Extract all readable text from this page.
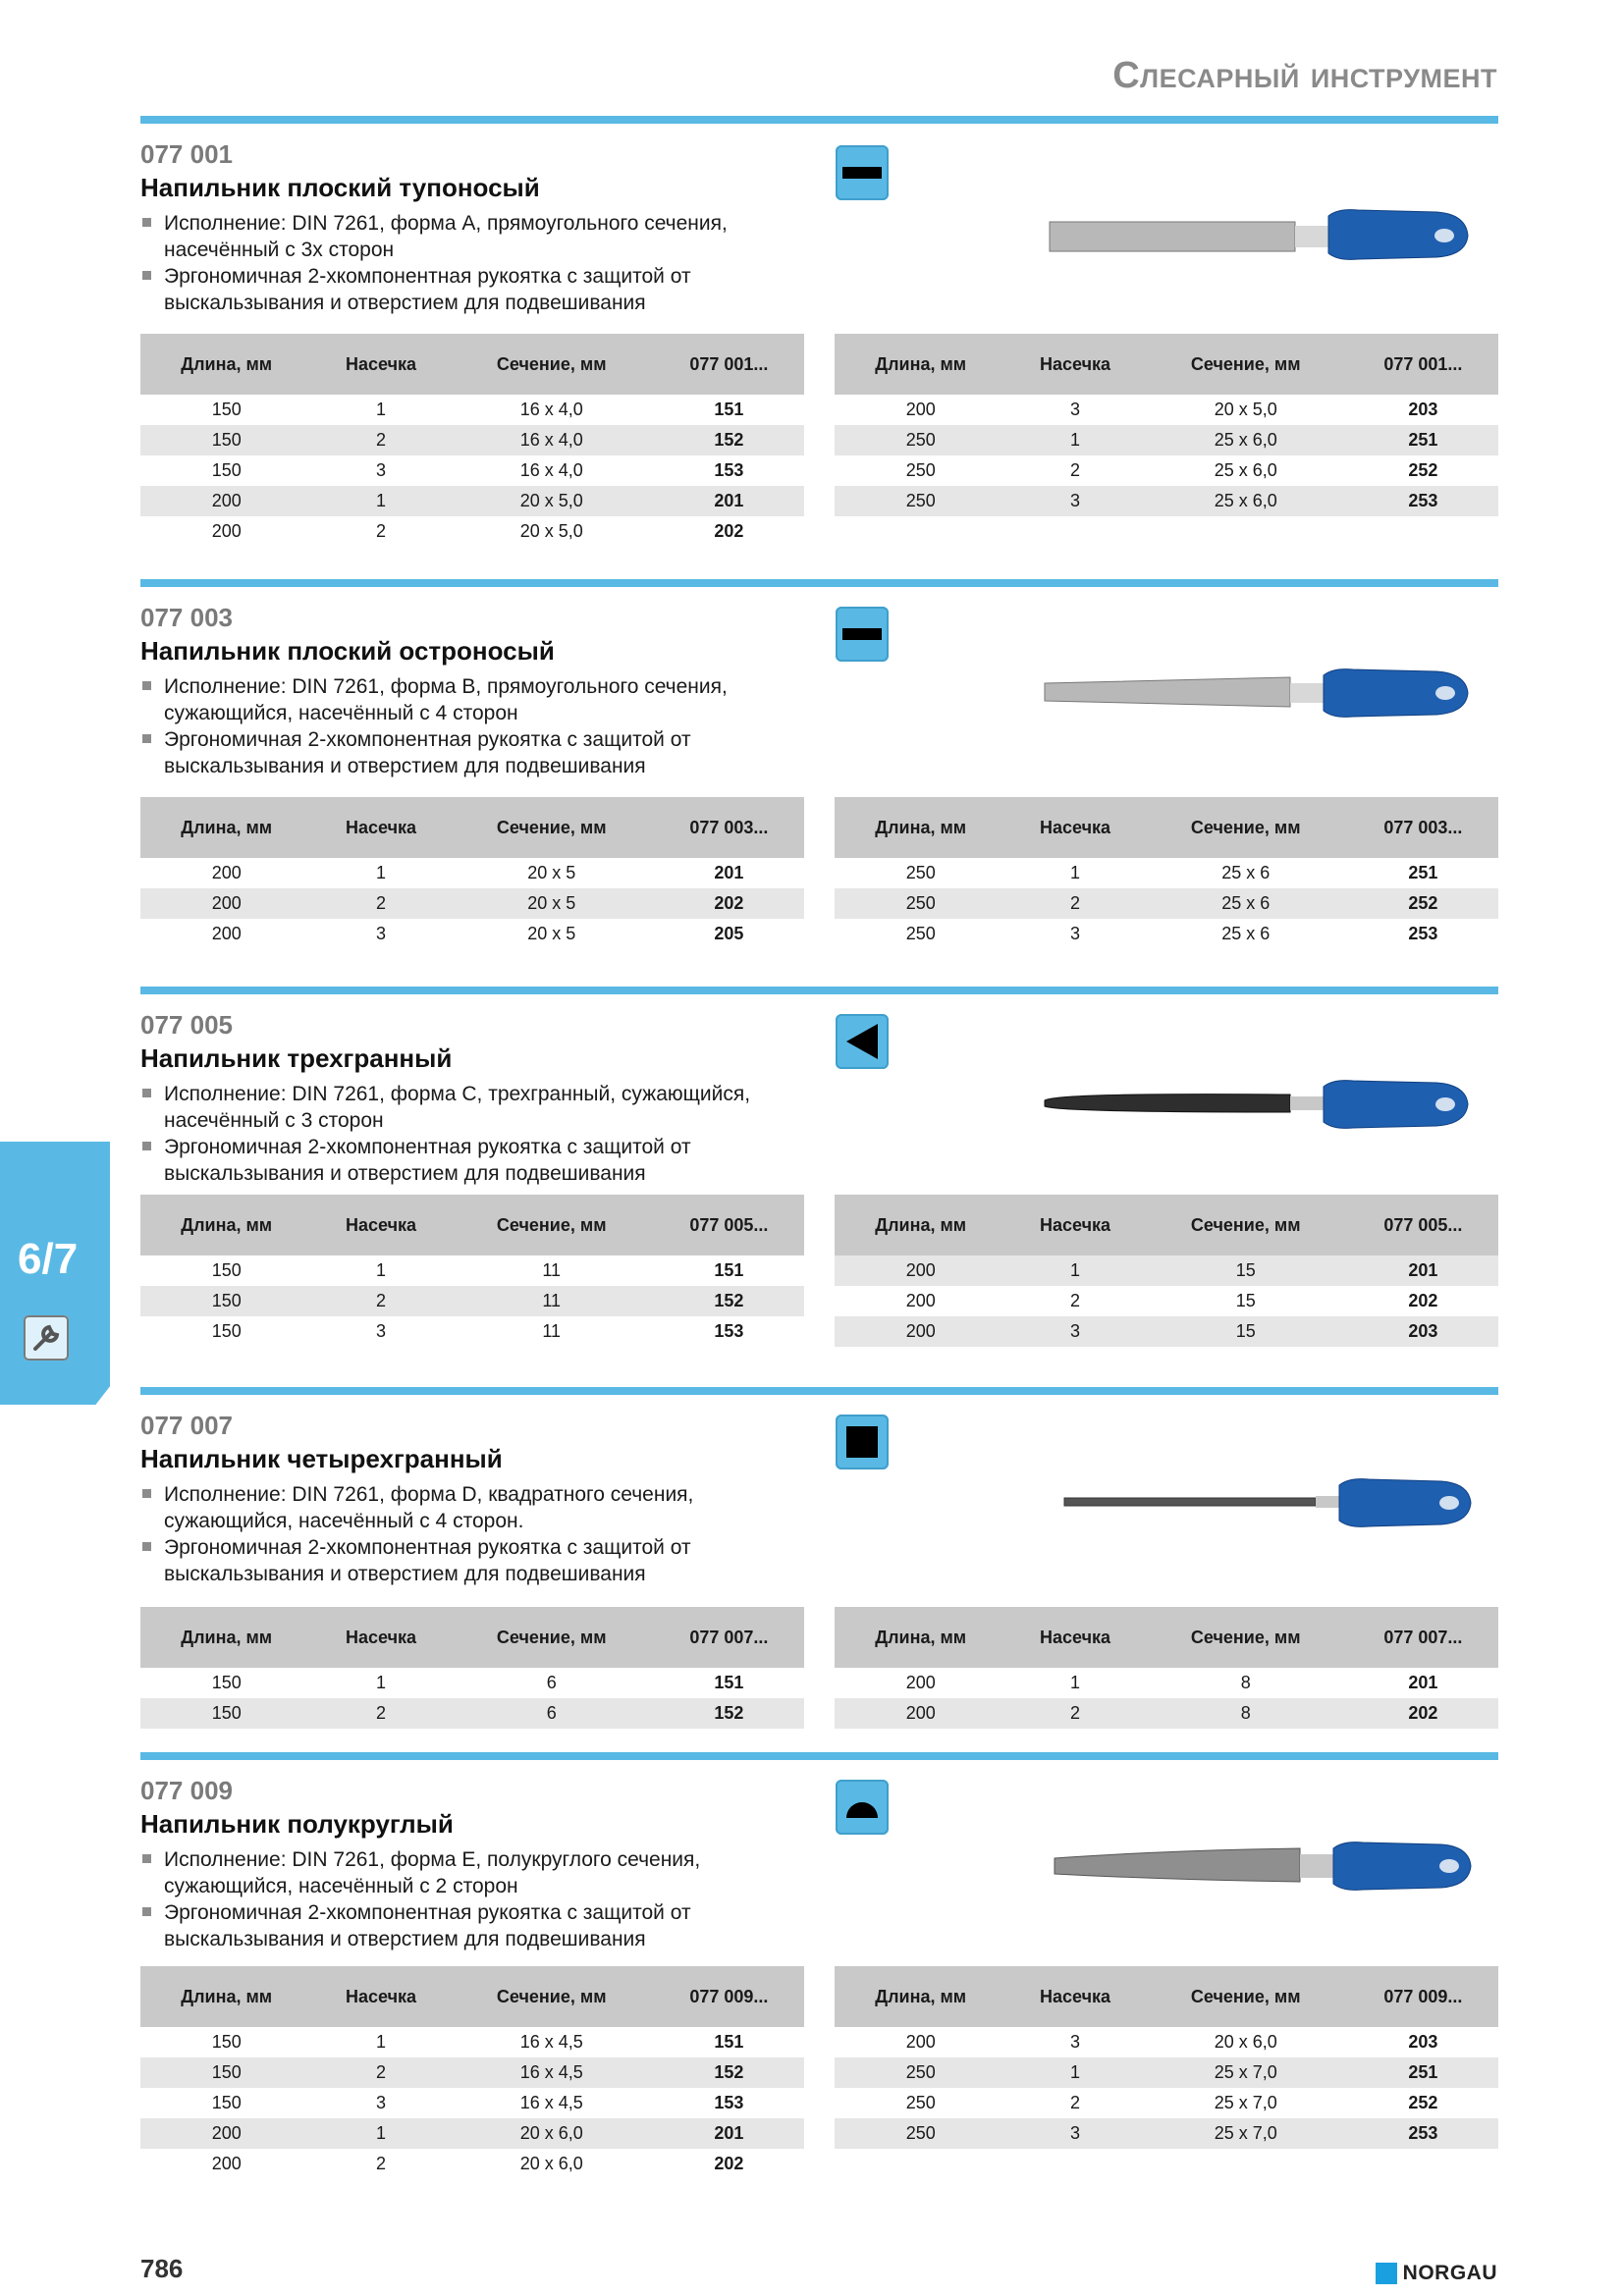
Слесарный инструмент
6/7
077 001
Напильник плоский тупоносый
Исполнение: DIN 7261, форма A, прямоугольного сечения, насечённый с 3х сторон
Эргономичная 2-хкомпонентная рукоятка с защитой от выскальзывания и отверстием для подвешивания
Длина, мм	Насечка	Сечение, мм	077 001...
150	1	16 x 4,0	151
150	2	16 x 4,0	152
150	3	16 x 4,0	153
200	1	20 x 5,0	201
200	2	20 x 5,0	202
Длина, мм	Насечка	Сечение, мм	077 001...
200	3	20 x 5,0	203
250	1	25 x 6,0	251
250	2	25 x 6,0	252
250	3	25 x 6,0	253
077 003
Напильник плоский остроносый
Исполнение: DIN 7261, форма B, прямоугольного сечения, сужающийся, насечённый с 4 сторон
Эргономичная 2-хкомпонентная рукоятка с защитой от выскальзывания и отверстием для подвешивания
Длина, мм	Насечка	Сечение, мм	077 003...
200	1	20 x 5	201
200	2	20 x 5	202
200	3	20 x 5	205
Длина, мм	Насечка	Сечение, мм	077 003...
250	1	25 x 6	251
250	2	25 x 6	252
250	3	25 x 6	253
077 005
Напильник трехгранный
Исполнение: DIN 7261, форма C, трехгранный, сужающийся, насечённый с 3 сторон
Эргономичная 2-хкомпонентная рукоятка с защитой от выскальзывания и отверстием для подвешивания
Длина, мм	Насечка	Сечение, мм	077 005...
150	1	11	151
150	2	11	152
150	3	11	153
Длина, мм	Насечка	Сечение, мм	077 005...
200	1	15	201
200	2	15	202
200	3	15	203
077 007
Напильник четырехгранный
Исполнение: DIN 7261, форма D, квадратного сечения, сужающийся, насечённый с 4 сторон.
Эргономичная 2-хкомпонентная рукоятка с защитой от выскальзывания и отверстием для подвешивания
Длина, мм	Насечка	Сечение, мм	077 007...
150	1	6	151
150	2	6	152
Длина, мм	Насечка	Сечение, мм	077 007...
200	1	8	201
200	2	8	202
077 009
Напильник полукруглый
Исполнение: DIN 7261, форма E, полукруглого сечения, сужающийся, насечённый с 2 сторон
Эргономичная 2-хкомпонентная рукоятка с защитой от выскальзывания и отверстием для подвешивания
Длина, мм	Насечка	Сечение, мм	077 009...
150	1	16 x 4,5	151
150	2	16 x 4,5	152
150	3	16 x 4,5	153
200	1	20 x 6,0	201
200	2	20 x 6,0	202
Длина, мм	Насечка	Сечение, мм	077 009...
200	3	20 x 6,0	203
250	1	25 x 7,0	251
250	2	25 x 7,0	252
250	3	25 x 7,0	253
786	NORGAU
